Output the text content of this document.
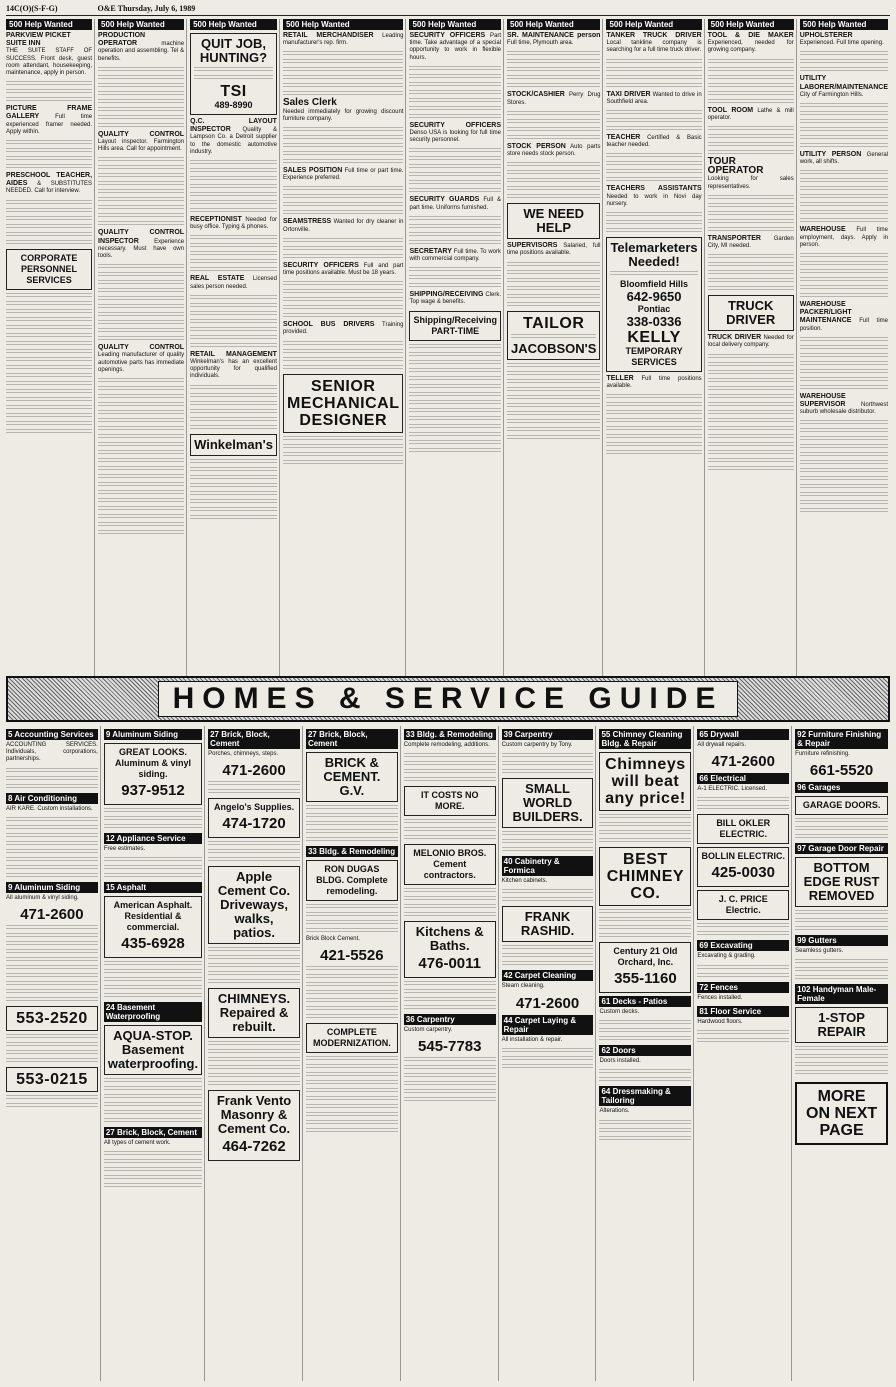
14C(O)(S-F-G)	O&E Thursday, July 6, 1989
500 Help Wanted
PARKVIEW PICKET
SUITE INN
THE SUITE STAFF OF SUCCESS. Front desk, guest room attendant, housekeeping, maintenance, apply in person.
PICTURE FRAME GALLERY	Full time experienced framer needed. Apply within.
PRESCHOOL TEACHER, AIDES & SUBSTITUTES NEEDED. Call for interview.
CORPORATE
PERSONNEL
SERVICES
500 Help Wanted
PRODUCTION OPERATOR	machine operation and assembling. Tel & benefits.
QUALITY CONTROL Layout inspector. Farmington Hills area. Call for appointment.
QUALITY CONTROL INSPECTOR	Experience necessary. Must have own tools.
QUALITY CONTROL Leading manufacturer of quality automotive parts has immediate openings.
500 Help Wanted
QUIT JOB,
HUNTING?
TSI
489-8990
Q.C. LAYOUT INSPECTOR Quality & Lampson Co. a Detroit supplier to the domestic automotive industry.
RECEPTIONIST Needed for busy office. Typing & phones.
REAL ESTATE Licensed sales person needed.
RETAIL MANAGEMENT Winkelman's has an excellent opportunity for qualified individuals.
Winkelman's
500 Help Wanted
RETAIL MERCHANDISER Leading manufacturer's rep. firm.
Sales Clerk
Needed immediately for growing discount furniture company.
SALES POSITION Full time or part time. Experience preferred.
SEAMSTRESS Wanted for dry cleaner in Ortonville.
SECURITY OFFICERS Full and part time positions available. Must be 18 years.
SCHOOL BUS DRIVERS Training provided.
SENIOR
MECHANICAL
DESIGNER
500 Help Wanted
SECURITY OFFICERS Part time. Take advantage of a special opportunity to work in flexible hours.
SECURITY OFFICERS Denso USA is looking for full time security personnel.
SECURITY GUARDS Full & part time. Uniforms furnished.
SECRETARY Full time. To work with commercial company.
SHIPPING/RECEIVING Clerk. Top wage & benefits.
Shipping/Receiving
PART-TIME
500 Help Wanted
SR. MAINTENANCE person Full time, Plymouth area.
STOCK/CASHIER Perry Drug Stores.
STOCK PERSON Auto parts store needs stock person.
WE NEED HELP
SUPERVISORS Salaried, full time positions available.
TAILOR
JACOBSON'S
500 Help Wanted
TANKER TRUCK DRIVER Local tankline company is searching for a full time truck driver.
TAXI DRIVER Wanted to drive in Southfield area.
TEACHER Certified & Basic teacher needed.
TEACHERS ASSISTANTS Needed to work in Novi day nursery.
Telemarketers
Needed!
Bloomfield Hills
642-9650
Pontiac
338-0336
KELLY
TEMPORARY
SERVICES
TELLER Full time positions available.
500 Help Wanted
TOOL & DIE MAKER Experienced, needed for growing company.
TOOL ROOM Lathe & mill operator.
TOUR OPERATOR
Looking for sales representatives.
TRANSPORTER Garden City, MI needed.
TRUCK DRIVER
TRUCK DRIVER Needed for local delivery company.
500 Help Wanted
UPHOLSTERER Experienced. Full time opening.
UTILITY LABORER/MAINTENANCE City of Farmington Hills.
UTILITY PERSON General work, all shifts.
WAREHOUSE Full time employment, days. Apply in person.
WAREHOUSE PACKER/LIGHT MAINTENANCE Full time position.
WAREHOUSE SUPERVISOR	Northwest suburb wholesale distributor.
HOMES & SERVICE GUIDE
5 Accounting Services
ACCOUNTING SERVICES. Individuals, corporations, partnerships.
8 Air Conditioning
AIR KARE. Custom installations.
9 Aluminum Siding
All aluminum & vinyl siding.
471-2600
553-2520
553-0215
9 Aluminum Siding
GREAT LOOKS. Aluminum & vinyl siding.
937-9512
12 Appliance Service
Free estimates.
15 Asphalt
American Asphalt. Residential & commercial.
435-6928
24 Basement Waterproofing
AQUA-STOP. Basement waterproofing.
27 Brick, Block, Cement
All types of cement work.
27 Brick, Block, Cement
Porches, chimneys, steps.
471-2600
Angelo's Supplies.
474-1720
Apple Cement Co. Driveways, walks, patios.
CHIMNEYS. Repaired & rebuilt.
Frank Vento Masonry & Cement Co.
464-7262
27 Brick, Block, Cement
BRICK & CEMENT. G.V.
33 Bldg. & Remodeling
RON DUGAS BLDG. Complete remodeling.
Brick Block Cement.
421-5526
COMPLETE MODERNIZATION.
33 Bldg. & Remodeling
Complete remodeling, additions.
IT COSTS NO MORE.
MELONIO BROS. Cement contractors.
Kitchens & Baths.
476-0011
36 Carpentry
Custom carpentry.
545-7783
39 Carpentry
Custom carpentry by Tony.
SMALL WORLD BUILDERS.
40 Cabinetry & Formica
Kitchen cabinets.
FRANK RASHID.
42 Carpet Cleaning
Steam cleaning.
471-2600
44 Carpet Laying & Repair
All installation & repair.
55 Chimney Cleaning Bldg. & Repair
Chimneys will beat any price!
BEST CHIMNEY CO.
Century 21 Old Orchard, Inc.
355-1160
61 Decks - Patios
Custom decks.
62 Doors
Doors installed.
64 Dressmaking & Tailoring
Alterations.
65 Drywall
All drywall repairs.
471-2600
66 Electrical
A-1 ELECTRIC. Licensed.
BILL OKLER ELECTRIC.
BOLLIN ELECTRIC.
425-0030
J. C. PRICE Electric.
69 Excavating
Excavating & grading.
72 Fences
Fences installed.
81 Floor Service
Hardwood floors.
92 Furniture Finishing & Repair
Furniture refinishing.
661-5520
96 Garages
GARAGE DOORS.
97 Garage Door Repair
BOTTOM EDGE RUST REMOVED
99 Gutters
Seamless gutters.
102 Handyman Male-Female
1-STOP REPAIR
MORE
ON NEXT
PAGE
